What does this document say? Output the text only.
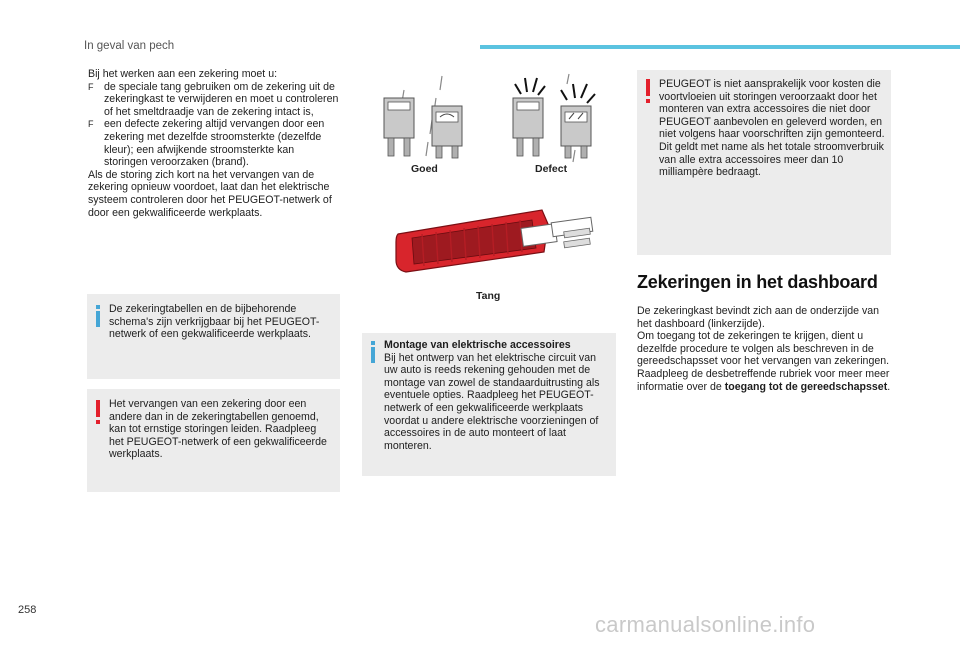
In geval van pech

Bij het werken aan een zekering moet u:

F de speciale tang gebruiken om de zekering uit de zekeringkast te verwijderen en moet u controleren of het smeltdraadje van de zekering intact is,
F een defecte zekering altijd vervangen door een zekering met dezelfde stroomsterkte (dezelfde kleur); een afwijkende stroomsterkte kan storingen veroorzaken (brand).

Als de storing zich kort na het vervangen van de zekering opnieuw voordoet, laat dan het elektrische systeem controleren door het PEUGEOT-netwerk of door een gekwalificeerde werkplaats.

De zekeringtabellen en de bijbehorende schema's zijn verkrijgbaar bij het PEUGEOT-netwerk of een gekwalificeerde werkplaats.
Het vervangen van een zekering door een andere dan in de zekeringtabellen genoemd, kan tot ernstige storingen leiden. Raadpleeg het PEUGEOT-netwerk of een gekwalificeerde werkplaats.
Goed	Defect
Tang

Montage van elektrische accessoires

Bij het ontwerp van het elektrische circuit van uw auto is reeds rekening gehouden met de montage van zowel de standaarduitrusting als eventuele opties. Raadpleeg het PEUGEOT-netwerk of een gekwalificeerde werkplaats voordat u andere elektrische voorzieningen of accessoires in de auto monteert of laat monteren.

PEUGEOT is niet aansprakelijk voor kosten die voortvloeien uit storingen veroorzaakt door het monteren van extra accessoires die niet door PEUGEOT aanbevolen en geleverd worden, en niet volgens haar voorschriften zijn gemonteerd. Dit geldt met name als het totale stroomverbruik van alle extra accessoires meer dan 10 milliampère bedraagt.
Zekeringen in het dashboard

De zekeringkast bevindt zich aan de onderzijde van het dashboard (linkerzijde).

Om toegang tot de zekeringen te krijgen, dient u dezelfde procedure te volgen als beschreven in de gereedschapsset voor het vervangen van zekeringen.

Raadpleeg de desbetreffende rubriek voor meer meer informatie over de toegang tot de gereedschapsset.

258
carmanualsonline.info
